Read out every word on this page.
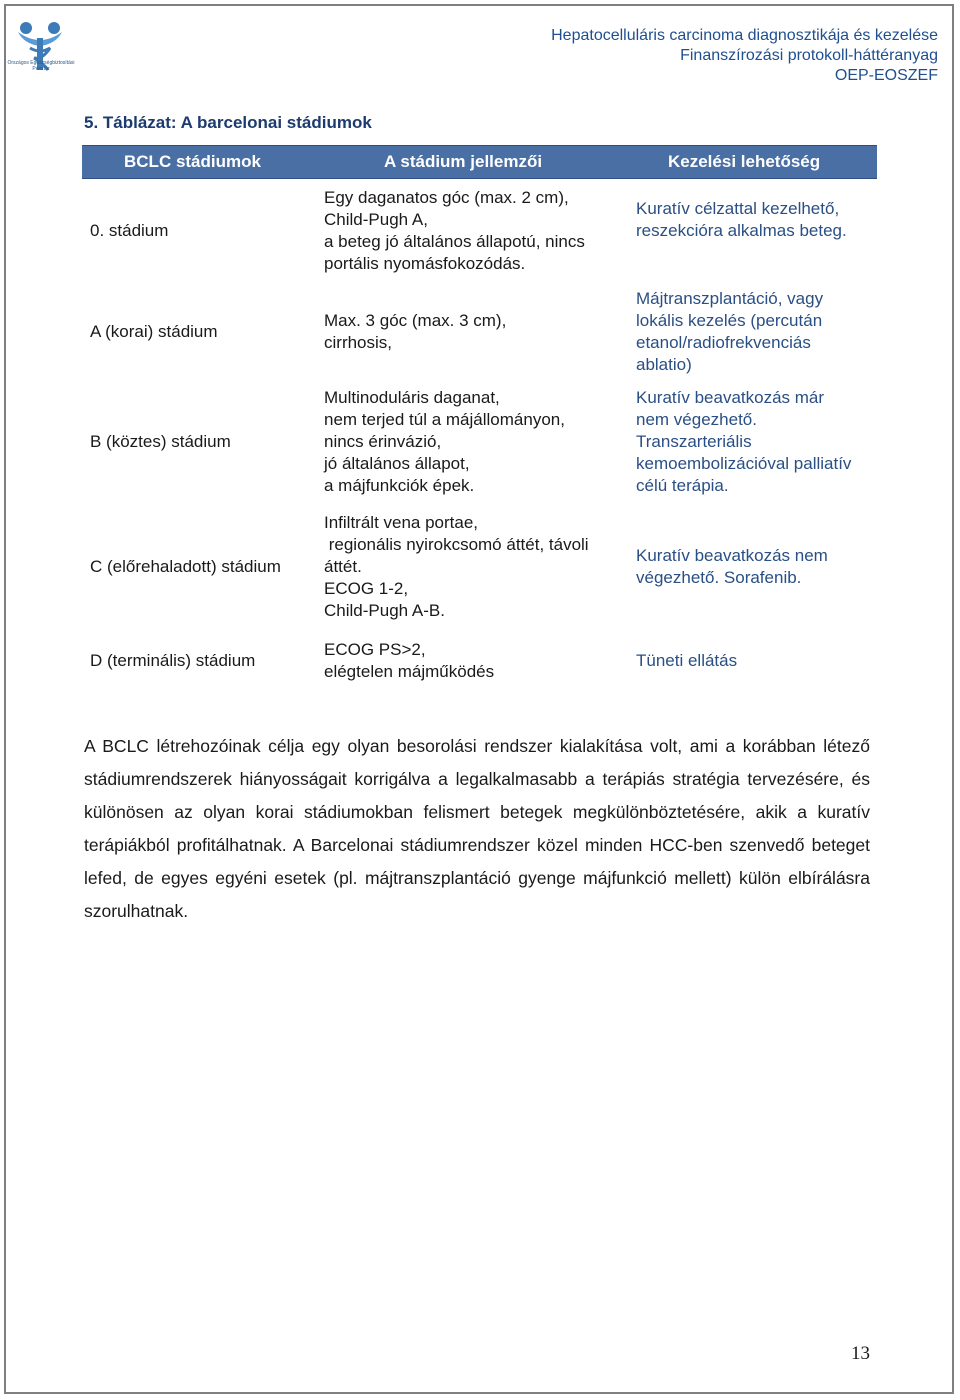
Országos Egészségbiztosítási Pénztár
Hepatocelluláris carcinoma diagnosztikája és kezelése
Finanszírozási protokoll-háttéranyag
OEP-EOSZEF
5. Táblázat: A barcelonai stádiumok
BCLC stádiumok	A stádium jellemzői	Kezelési lehetőség
0. stádium
Egy daganatos góc (max. 2 cm),
Child-Pugh A,
a beteg jó általános állapotú, nincs portális nyomásfokozódás.
Kuratív célzattal kezelhető, reszekcióra alkalmas beteg.
A (korai) stádium
Max. 3 góc (max. 3 cm),
cirrhosis,
Májtranszplantáció, vagy lokális kezelés (percután etanol/radiofrekvenciás ablatio)
B (köztes) stádium
Multinoduláris daganat,
nem terjed túl a májállományon,
nincs érinvázió,
jó általános állapot,
a májfunkciók épek.
Kuratív beavatkozás már nem végezhető.
Transzarteriális kemoembolizációval palliatív célú terápia.
C (előrehaladott) stádium
Infiltrált vena portae,
regionális nyirokcsomó áttét, távoli áttét.
ECOG 1-2,
Child-Pugh A-B.
Kuratív beavatkozás nem végezhető. Sorafenib.
D (terminális) stádium
ECOG PS>2,
elégtelen májműködés
Tüneti ellátás
A BCLC létrehozóinak célja egy olyan besorolási rendszer kialakítása volt, ami a korábban létező stádiumrendszerek hiányosságait korrigálva a legalkalmasabb a terápiás stratégia tervezésére, és különösen az olyan korai stádiumokban felismert betegek megkülönböztetésére, akik a kuratív terápiákból profitálhatnak. A Barcelonai stádiumrendszer közel minden HCC-ben szenvedő beteget lefed, de egyes egyéni esetek (pl. májtranszplantáció gyenge májfunkció mellett) külön elbírálásra szorulhatnak.
13
